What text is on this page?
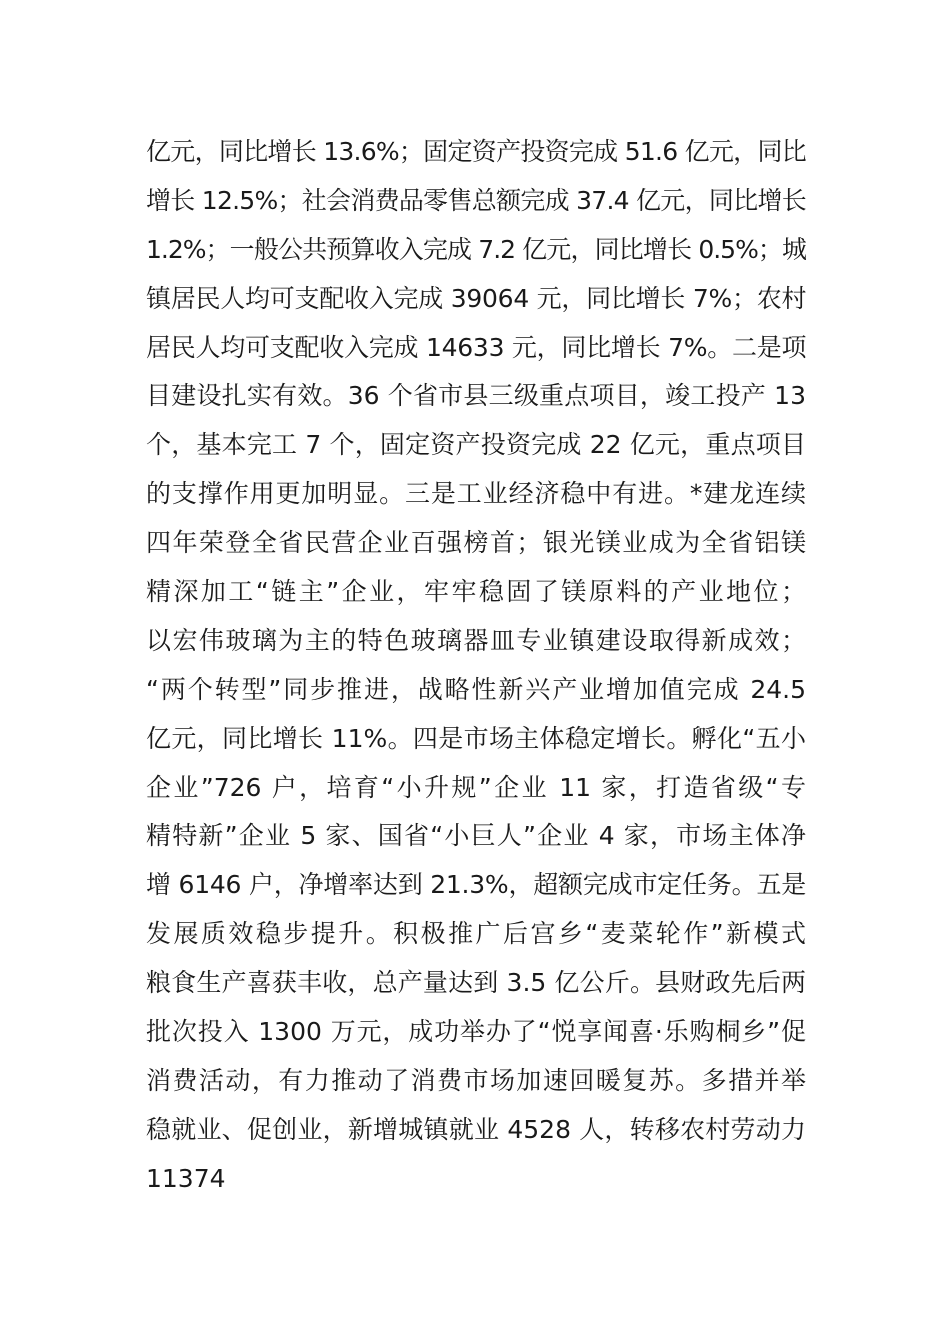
亿元，同比增长 13.6%；固定资产投资完成 51.6 亿元，同比
增长 12.5%；社会消费品零售总额完成 37.4 亿元，同比增长
1.2%；一般公共预算收入完成 7.2 亿元，同比增长 0.5%；城
镇居民人均可支配收入完成 39064 元，同比增长 7%；农村
居民人均可支配收入完成 14633 元，同比增长 7%。二是项
目建设扎实有效。36 个省市县三级重点项目，竣工投产 13
个，基本完工 7 个，固定资产投资完成 22 亿元，重点项目
的支撑作用更加明显。三是工业经济稳中有进。*建龙连续
四年荣登全省民营企业百强榜首；银光镁业成为全省铝镁
精深加工“链主”企业，牢牢稳固了镁原料的产业地位；
以宏伟玻璃为主的特色玻璃器皿专业镇建设取得新成效；
“两个转型”同步推进，战略性新兴产业增加值完成 24.5
亿元，同比增长 11%。四是市场主体稳定增长。孵化“五小
企业”726 户，培育“小升规”企业 11 家，打造省级“专
精特新”企业 5 家、国省“小巨人”企业 4 家，市场主体净
增 6146 户，净增率达到 21.3%，超额完成市定任务。五是
发展质效稳步提升。积极推广后宫乡“麦菜轮作”新模式
粮食生产喜获丰收，总产量达到 3.5 亿公斤。县财政先后两
批次投入 1300 万元，成功举办了“悦享闻喜·乐购桐乡”促
消费活动，有力推动了消费市场加速回暖复苏。多措并举
稳就业、促创业，新增城镇就业 4528 人，转移农村劳动力
11374
